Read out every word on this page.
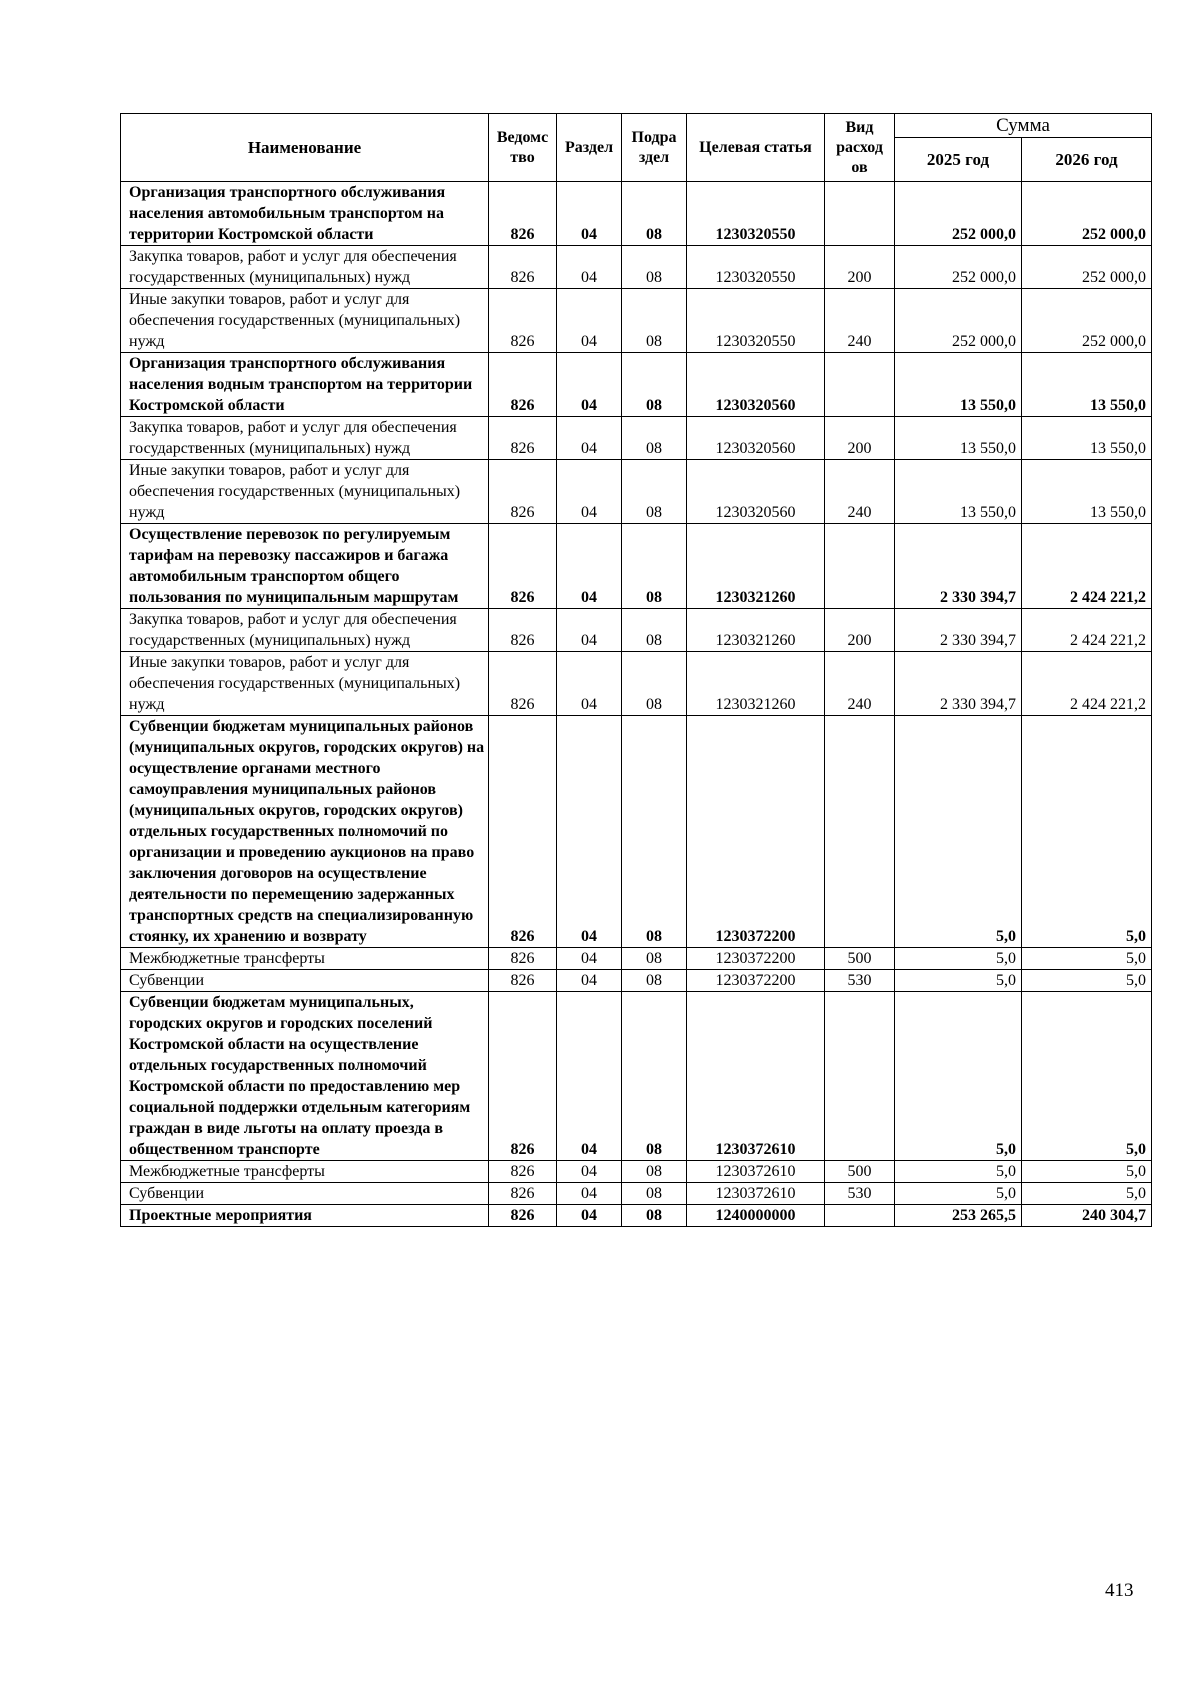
Наименование	Ведомс тво	Раздел	Подра здел	Целевая статья	Вид расход ов	Сумма	
						2025 год	2026 год
Организация транспортного обслуживания населения автомобильным транспортом на территории Костромской области	826	04	08	1230320550		252 000,0	252 000,0
Закупка товаров, работ и услуг для обеспечения государственных (муниципальных) нужд	826	04	08	1230320550	200	252 000,0	252 000,0
Иные закупки товаров, работ и услуг для обеспечения государственных (муниципальных) нужд	826	04	08	1230320550	240	252 000,0	252 000,0
Организация транспортного обслуживания населения водным транспортом на территории Костромской области	826	04	08	1230320560		13 550,0	13 550,0
Закупка товаров, работ и услуг для обеспечения государственных (муниципальных) нужд	826	04	08	1230320560	200	13 550,0	13 550,0
Иные закупки товаров, работ и услуг для обеспечения государственных (муниципальных) нужд	826	04	08	1230320560	240	13 550,0	13 550,0
Осуществление перевозок по регулируемым тарифам на перевозку пассажиров и багажа автомобильным транспортом общего пользования по муниципальным маршрутам	826	04	08	1230321260		2 330 394,7	2 424 221,2
Закупка товаров, работ и услуг для обеспечения государственных (муниципальных) нужд	826	04	08	1230321260	200	2 330 394,7	2 424 221,2
Иные закупки товаров, работ и услуг для обеспечения государственных (муниципальных) нужд	826	04	08	1230321260	240	2 330 394,7	2 424 221,2
Субвенции бюджетам муниципальных районов (муниципальных округов, городских округов) на осуществление органами местного самоуправления муниципальных районов (муниципальных округов, городских округов) отдельных государственных полномочий по организации и проведению аукционов на право заключения договоров на осуществление деятельности по перемещению задержанных транспортных средств на специализированную стоянку, их хранению и возврату	826	04	08	1230372200		5,0	5,0
Межбюджетные трансферты	826	04	08	1230372200	500	5,0	5,0
Субвенции	826	04	08	1230372200	530	5,0	5,0
Субвенции бюджетам муниципальных, городских округов и городских поселений Костромской области на осуществление отдельных государственных полномочий Костромской области по предоставлению мер социальной поддержки отдельным категориям граждан в виде льготы на оплату проезда в общественном транспорте	826	04	08	1230372610		5,0	5,0
Межбюджетные трансферты	826	04	08	1230372610	500	5,0	5,0
Субвенции	826	04	08	1230372610	530	5,0	5,0
Проектные мероприятия	826	04	08	1240000000		253 265,5	240 304,7
413
